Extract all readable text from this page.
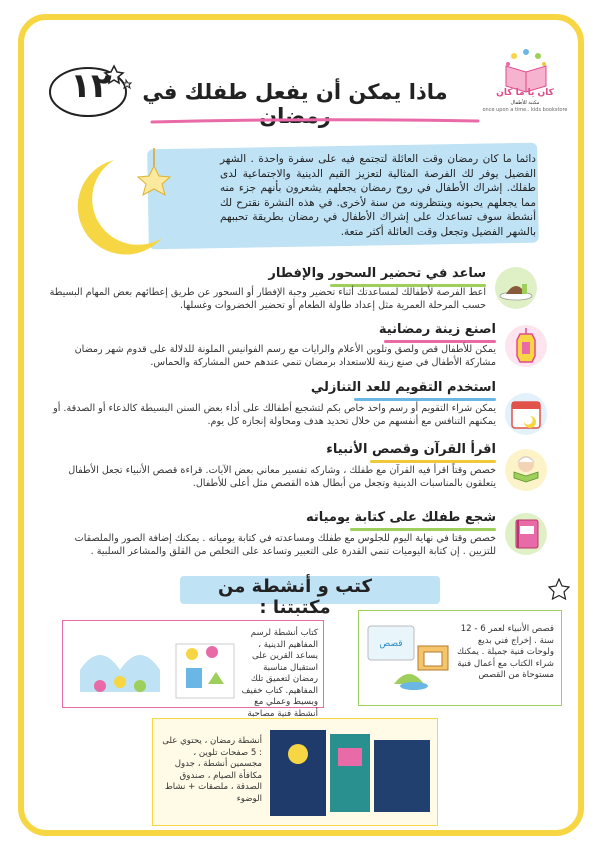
كان يا ما كان
مكتبة للأطفال
once upon a time.. kids bookstore
ماذا يمكن أن يفعل طفلك في رمضان
١٢
دائما ما كان رمضان وقت العائلة لتجتمع فيه على سفرة واحدة . الشهر الفضيل يوفر لك الفرصة المثالية لتعزيز القيم الدينية والاجتماعية لدى طفلك. إشراك الأطفال في روح رمضان يجعلهم يشعرون بأنهم جزء منه مما يجعلهم يحبونه وينتظرونه من سنة لأخرى. في هذه النشرة نقترح لك أنشطة سوف تساعدك على إشراك الأطفال في رمضان بطريقة تحببهم بالشهر الفضيل وتجعل وقت العائلة أكثر متعة.
ساعد في تحضير السحور والإفطار
اعط الفرصة لأطفالك لمساعدتك أثناء تحضير وجبة الإفطار أو السحور عن طريق إعطائهم بعض المهام البسيطة حسب المرحلة العمرية مثل إعداد طاولة الطعام أو تحضير الخضروات وغسلها.
اصنع زينة رمضانية
يمكن للأطفال قص ولصق وتلوين الأعلام والرايات مع رسم الفوانيس الملونة للدلالة على قدوم شهر رمضان مشاركة الأطفال في صنع زينة للاستعداد برمضان تنمي عندهم حس المشاركة والحماس.
استخدم التقويم للعد التنازلي
يمكن شراء التقويم أو رسم واحد خاص بكم لتشجيع أطفالك على أداء بعض السنن البسيطة كالدعاء أو الصدقة. أو يمكنهم التنافس مع أنفسهم من خلال تحديد هدف ومحاولة إنجازه كل يوم.
اقرأ القرآن وقصص الأنبياء
خصص وقتاً اقرأ فيه القرآن مع طفلك ، وشاركه تفسير معاني بعض الآيات. قراءة قصص الأنبياء تجعل الأطفال يتعلقون بالمناسبات الدينية وتجعل من أبطال هذه القصص مثل أعلى للأطفال.
شجع طفلك على كتابة يومياته
خصص وقتا في نهاية اليوم للجلوس مع طفلك ومساعدته في كتابة يومياته . يمكنك إضافة الصور والملصقات للتزيين . إن كتابة اليوميات تنمي القدرة على التعبير وتساعد على التخلص من القلق والمشاعر السلبية .
كتب و أنشطة من مكتبتنا :
قصص الأنبياء لعمر 6 - 12 سنة . إخراج فني بديع ولوحات فنية جميلة . يمكنك شراء الكتاب مع أعمال فنية مستوحاة من القصص
قصص
كتاب أنشطة لرسم المفاهيم الدينية ، يساعد القرين على استقبال مناسبة رمضان لتعميق تلك المفاهيم. كتاب خفيف وبسيط وعملي مع أنشطة فنية مصاحبة
أنشطة رمضان ، يحتوي على : 5 صفحات تلوين ، مجسمين أنشطة ، جدول مكافأة الصيام ، صندوق الصدقة ، ملصقات + نشاط الوضوء
